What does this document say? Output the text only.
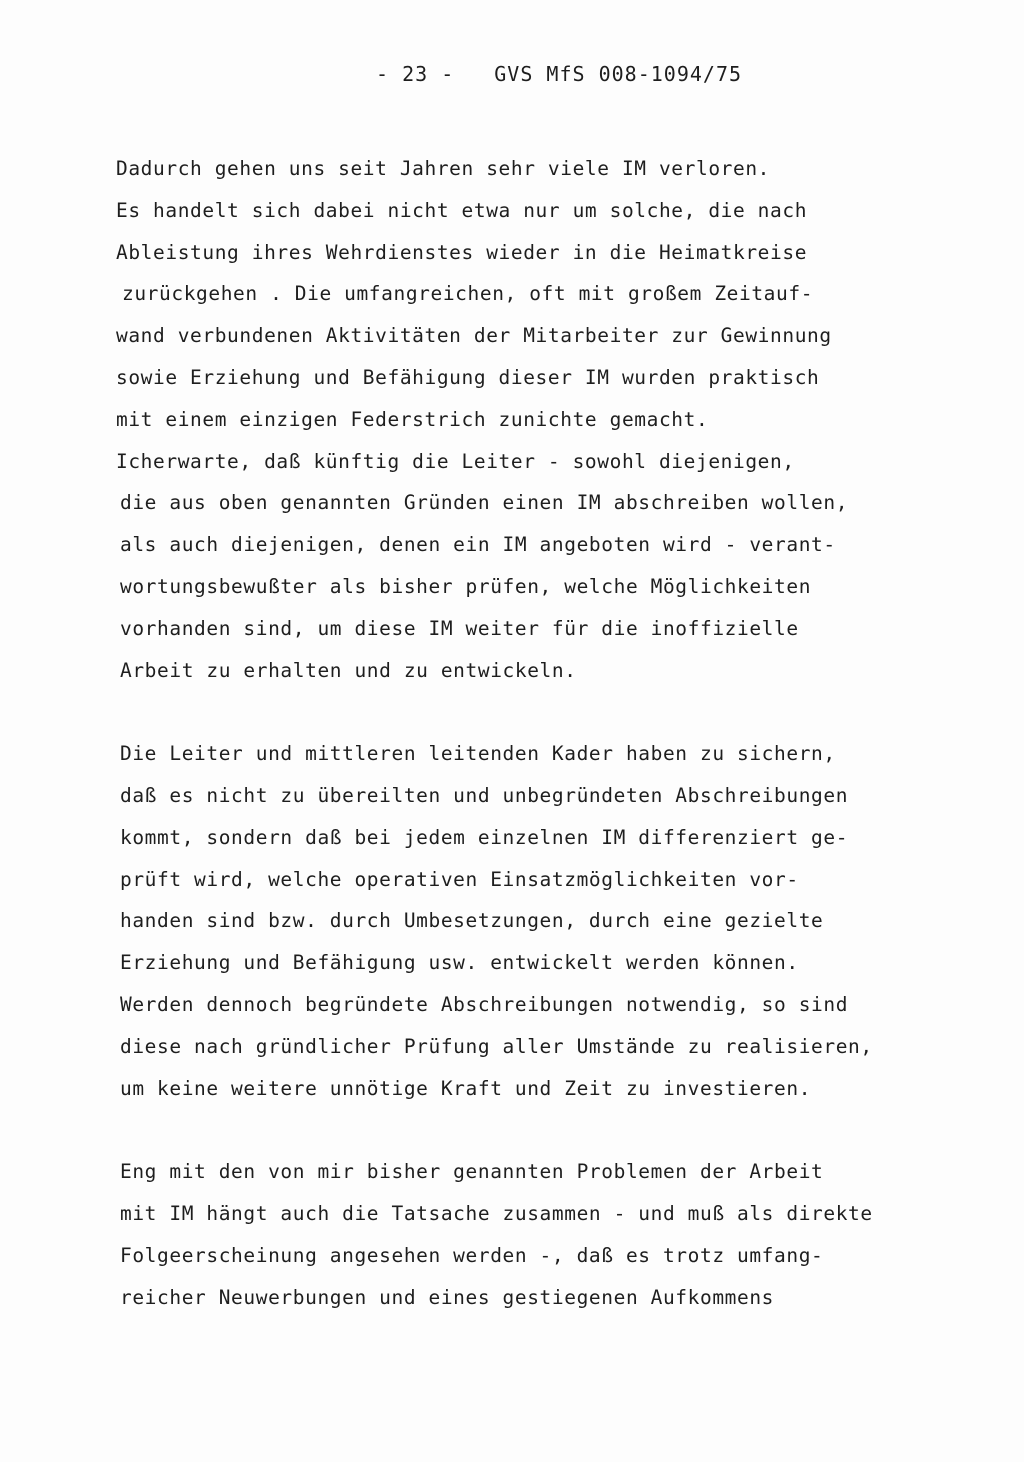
- 23 - GVS MfS 008-1094/75
Dadurch gehen uns seit Jahren sehr viele IM verloren.
Es handelt sich dabei nicht etwa nur um solche, die nach
Ableistung ihres Wehrdienstes wieder in die Heimatkreise
zurückgehen . Die umfangreichen, oft mit großem Zeitauf-
wand verbundenen Aktivitäten der Mitarbeiter zur Gewinnung
sowie Erziehung und Befähigung dieser IM wurden praktisch
mit einem einzigen Federstrich zunichte gemacht.
Icherwarte, daß künftig die Leiter - sowohl diejenigen,
die aus oben genannten Gründen einen IM abschreiben wollen,
als auch diejenigen, denen ein IM angeboten wird - verant-
wortungsbewußter als bisher prüfen, welche Möglichkeiten
vorhanden sind, um diese IM weiter für die inoffizielle
Arbeit zu erhalten und zu entwickeln.
Die Leiter und mittleren leitenden Kader haben zu sichern,
daß es nicht zu übereilten und unbegründeten Abschreibungen
kommt, sondern daß bei jedem einzelnen IM differenziert ge-
prüft wird, welche operativen Einsatzmöglichkeiten vor-
handen sind bzw. durch Umbesetzungen, durch eine gezielte
Erziehung und Befähigung usw. entwickelt werden können.
Werden dennoch begründete Abschreibungen notwendig, so sind
diese nach gründlicher Prüfung aller Umstände zu realisieren,
um keine weitere unnötige Kraft und Zeit zu investieren.
Eng mit den von mir bisher genannten Problemen der Arbeit
mit IM hängt auch die Tatsache zusammen - und muß als direkte
Folgeerscheinung angesehen werden -, daß es trotz umfang-
reicher Neuwerbungen und eines gestiegenen Aufkommens
